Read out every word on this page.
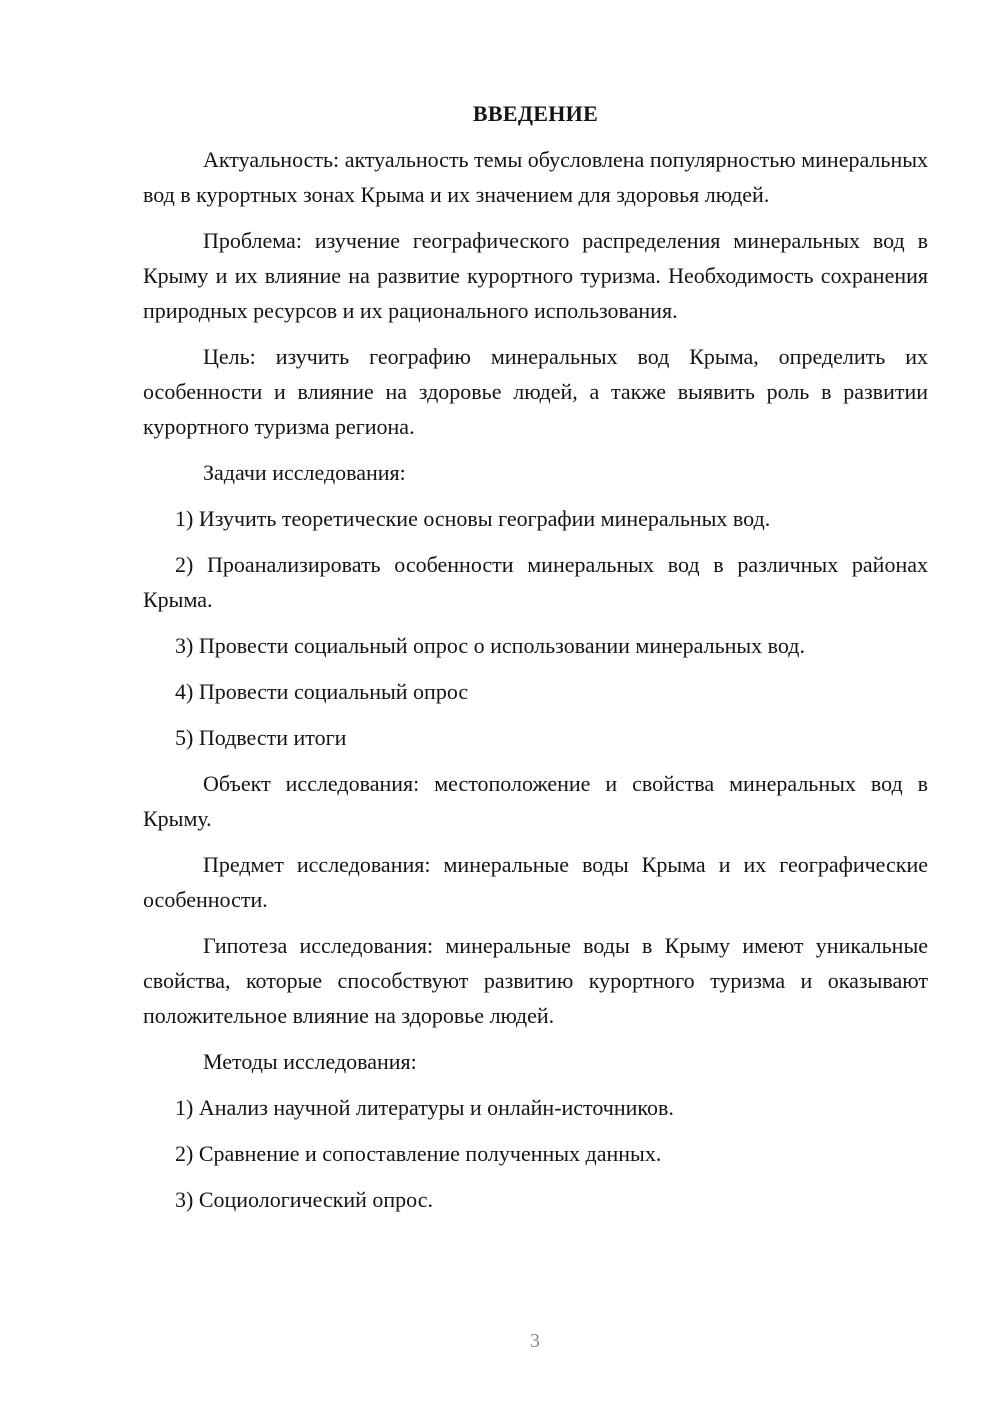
ВВЕДЕНИЕ

Актуальность: актуальность темы обусловлена популярностью минеральных вод в курортных зонах Крыма и их значением для здоровья людей.

Проблема: изучение географического распределения минеральных вод в Крыму и их влияние на развитие курортного туризма. Необходимость сохранения природных ресурсов и их рационального использования.

Цель: изучить географию минеральных вод Крыма, определить их особенности и влияние на здоровье людей, а также выявить роль в развитии курортного туризма региона.

Задачи исследования:

1) Изучить теоретические основы географии минеральных вод.

2) Проанализировать особенности минеральных вод в различных районах Крыма.

3) Провести социальный опрос о использовании минеральных вод.

4) Провести социальный опрос

5) Подвести итоги

Объект исследования: местоположение и свойства минеральных вод в Крыму.

Предмет исследования: минеральные воды Крыма и их географические особенности.

Гипотеза исследования: минеральные воды в Крыму имеют уникальные свойства, которые способствуют развитию курортного туризма и оказывают положительное влияние на здоровье людей.

Методы исследования:

1) Анализ научной литературы и онлайн-источников.

2) Сравнение и сопоставление полученных данных.

3) Социологический опрос.

3
